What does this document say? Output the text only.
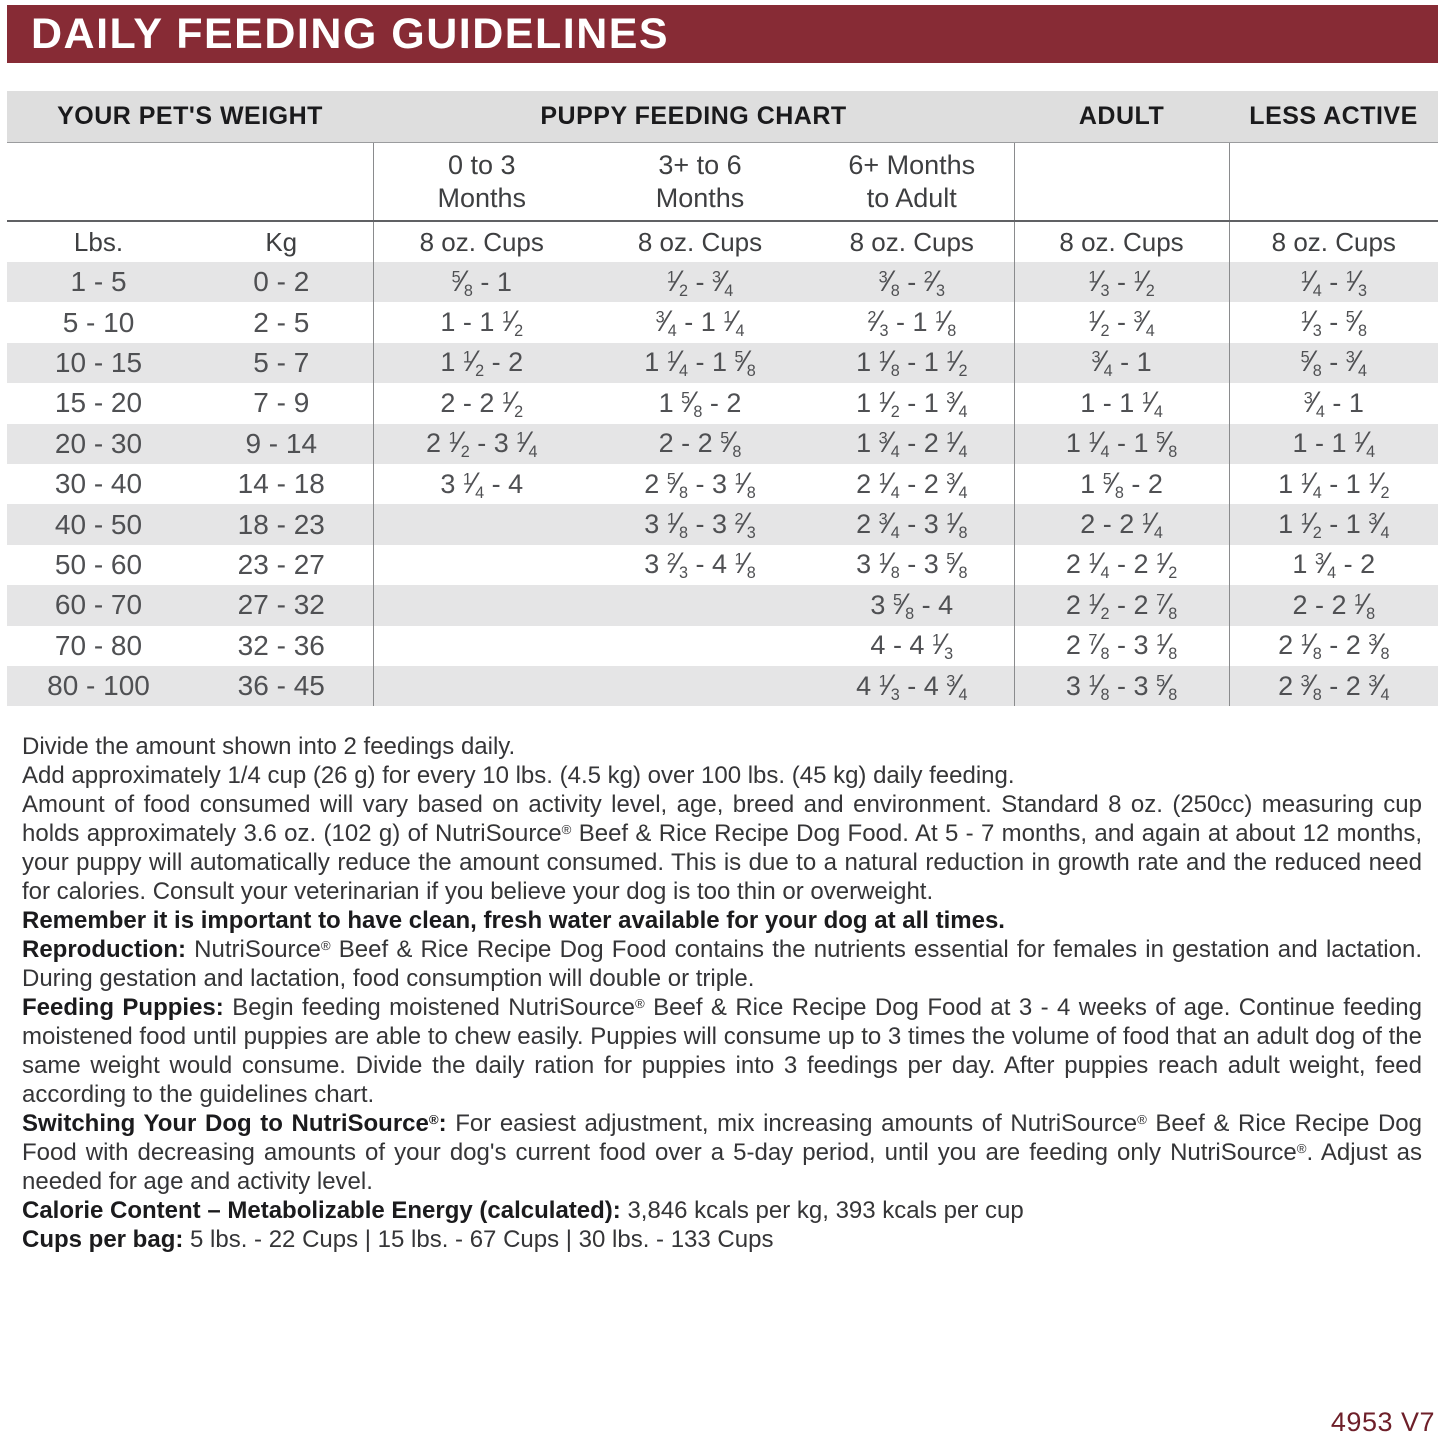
DAILY FEEDING GUIDELINES
YOUR PET'S WEIGHT		PUPPY FEEDING CHART			ADULT	LESS ACTIVE

0 to 3
Months

3+ to 6
Months

6+ Months
to Adult

Lbs.	Kg	8 oz. Cups	8 oz. Cups	8 oz. Cups	8 oz. Cups	8 oz. Cups
1 - 5	0 - 2	$^5⁄_8 - 1$	$^1⁄_2$ - $^3⁄_4$	$^3⁄_8$ - $^2⁄_3$	$^1⁄_3$ - $^1⁄_2$	$^1⁄_4$ - $^1⁄_3$
5 - 10	2 - 5	1 - 1 $^1⁄_2$	$^3⁄_4 - 1$ $^1⁄_4$	$^2⁄_3 - 1$ $^1⁄_8$	$^1⁄_2$ - $^3⁄_4$	$^1⁄_3$ - $^5⁄_8$
10 - 15	5 - 7	1 $^1⁄_2 - 2$	1 $^1⁄_4 - 1$ $^5⁄_8$	1 $^1⁄_8 - 1$ $^1⁄_2$	$^3⁄_4 - 1$	$^5⁄_8$ - $^3⁄_4$
15 - 20	7 - 9	2 - 2 $^1⁄_2$	1 $^5⁄_8 - 2$	1 $^1⁄_2 - 1$ $^3⁄_4$	1 - 1 $^1⁄_4$	$^3⁄_4 - 1$
20 - 30	9 - 14	2 $^1⁄_2 - 3$ $^1⁄_4$	2 - 2 $^5⁄_8$	1 $^3⁄_4 - 2$ $^1⁄_4$	1 $^1⁄_4 - 1$ $^5⁄_8$	1 - 1 $^1⁄_4$
30 - 40	14 - 18	3 $^1⁄_4 - 4$	2 $^5⁄_8 - 3$ $^1⁄_8$	2 $^1⁄_4 - 2$ $^3⁄_4$	1 $^5⁄_8 - 2$	1 $^1⁄_4 - 1$ $^1⁄_2$
40 - 50	18 - 23		3 $^1⁄_8 - 3$ $^2⁄_3$	2 $^3⁄_4 - 3$ $^1⁄_8$	2 - 2 $^1⁄_4$	1 $^1⁄_2 - 1$ $^3⁄_4$
50 - 60	23 - 27		3 $^2⁄_3 - 4$ $^1⁄_8$	3 $^1⁄_8 - 3$ $^5⁄_8$	2 $^1⁄_4 - 2$ $^1⁄_2$	1 $^3⁄_4 - 2$
60 - 70	27 - 32			3 $^5⁄_8 - 4$	2 $^1⁄_2 - 2$ $^7⁄_8$	2 - 2 $^1⁄_8$
70 - 80	32 - 36			4 - 4 $^1⁄_3$	2 $^7⁄_8 - 3$ $^1⁄_8$	2 $^1⁄_8 - 2$ $^3⁄_8$
80 - 100	36 - 45			4 $^1⁄_3 - 4$ $^3⁄_4$	3 $^1⁄_8 - 3$ $^5⁄_8$	2 $^3⁄_8 - 2$ $^3⁄_4$

Divide the amount shown into 2 feedings daily.

Add approximately 1/4 cup (26 g) for every 10 lbs. (4.5 kg) over 100 lbs. (45 kg) daily feeding.

Amount of food consumed will vary based on activity level, age, breed and environment. Standard 8 oz. (250cc) measuring cup holds approximately 3.6 oz. (102 g) of NutriSource® Beef & Rice Recipe Dog Food. At 5 - 7 months, and again at about 12 months, your puppy will automatically reduce the amount consumed. This is due to a natural reduction in growth rate and the reduced need for calories. Consult your veterinarian if you believe your dog is too thin or overweight.

Remember it is important to have clean, fresh water available for your dog at all times.

Reproduction: NutriSource® Beef & Rice Recipe Dog Food contains the nutrients essential for females in gestation and lactation. During gestation and lactation, food consumption will double or triple.

Feeding Puppies: Begin feeding moistened NutriSource® Beef & Rice Recipe Dog Food at 3 - 4 weeks of age. Continue feeding moistened food until puppies are able to chew easily. Puppies will consume up to 3 times the volume of food that an adult dog of the same weight would consume. Divide the daily ration for puppies into 3 feedings per day. After puppies reach adult weight, feed according to the guidelines chart.

Switching Your Dog to NutriSource®: For easiest adjustment, mix increasing amounts of NutriSource® Beef & Rice Recipe Dog Food with decreasing amounts of your dog's current food over a 5-day period, until you are feeding only NutriSource®. Adjust as needed for age and activity level.

Calorie Content – Metabolizable Energy (calculated): 3,846 kcals per kg, 393 kcals per cup

Cups per bag: 5 lbs. - 22 Cups | 15 lbs. - 67 Cups | 30 lbs. - 133 Cups

4953 V7
